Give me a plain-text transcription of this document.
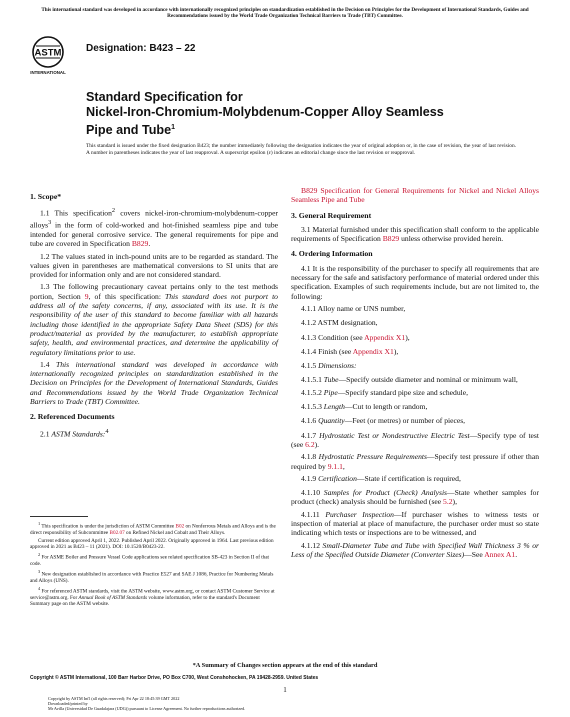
This international standard was developed in accordance with internationally recognized principles on standardization established in the Decision on Principles for the Development of International Standards, Guides and Recommendations issued by the World Trade Organization Technical Barriers to Trade (TBT) Committee.
ASTM
INTERNATIONAL
Designation: B423 – 22
Standard Specification for
Nickel-Iron-Chromium-Molybdenum-Copper Alloy Seamless
Pipe and Tube$^1$
This standard is issued under the fixed designation B423; the number immediately following the designation indicates the year of original adoption or, in the case of revision, the year of last revision. A number in parentheses indicates the year of last reapproval. A superscript epsilon (ε) indicates an editorial change since the last revision or reapproval.
1. Scope*

1.1 This specification$^2$ covers nickel-iron-chromium-molybdenum-copper alloys$^3$ in the form of cold-worked and hot-finished seamless pipe and tube intended for general corrosive service. The general requirements for pipe and tube are covered in Specification B829.

1.2 The values stated in inch-pound units are to be regarded as standard. The values given in parentheses are mathematical conversions to SI units that are provided for information only and are not considered standard.

1.3 The following precautionary caveat pertains only to the test methods portion, Section 9, of this specification: This standard does not purport to address all of the safety concerns, if any, associated with its use. It is the responsibility of the user of this standard to become familiar with all hazards including those identified in the appropriate Safety Data Sheet (SDS) for this product/material as provided by the manufacturer, to establish appropriate safety, health, and environmental practices, and determine the applicability of regulatory limitations prior to use.

1.4 This international standard was developed in accordance with internationally recognized principles on standardization established in the Decision on Principles for the Development of International Standards, Guides and Recommendations issued by the World Trade Organization Technical Barriers to Trade (TBT) Committee.

2. Referenced Documents

2.1 ASTM Standards:$^4$

B829 Specification for General Requirements for Nickel and Nickel Alloys Seamless Pipe and Tube

3. General Requirement

3.1 Material furnished under this specification shall conform to the applicable requirements of Specification B829 unless otherwise provided herein.

4. Ordering Information

4.1 It is the responsibility of the purchaser to specify all requirements that are necessary for the safe and satisfactory performance of material ordered under this specification. Examples of such requirements include, but are not limited to, the following:

4.1.1 Alloy name or UNS number,

4.1.2 ASTM designation,

4.1.3 Condition (see Appendix X1),

4.1.4 Finish (see Appendix X1),

4.1.5 Dimensions:

4.1.5.1 Tube—Specify outside diameter and nominal or minimum wall,

4.1.5.2 Pipe—Specify standard pipe size and schedule,

4.1.5.3 Length—Cut to length or random,

4.1.6 Quantity—Feet (or metres) or number of pieces,

4.1.7 Hydrostatic Test or Nondestructive Electric Test—Specify type of test (see 6.2).

4.1.8 Hydrostatic Pressure Requirements—Specify test pressure if other than required by 9.1.1,

4.1.9 Certification—State if certification is required,

4.1.10 Samples for Product (Check) Analysis—State whether samples for product (check) analysis should be furnished (see 5.2),

4.1.11 Purchaser Inspection—If purchaser wishes to witness tests or inspection of material at place of manufacture, the purchaser order must so state indicating which tests or inspections are to be witnessed, and

4.1.12 Small-Diameter Tube and Tube with Specified Wall Thickness 3 % or Less of the Specified Outside Diameter (Converter Sizes)—See Annex A1.

$^1$ This specification is under the jurisdiction of ASTM Committee B02 on Nonferrous Metals and Alloys and is the direct responsibility of Subcommittee B02.07 on Refined Nickel and Cobalt and Their Alloys.

Current edition approved April 1, 2022. Published April 2022. Originally approved in 1964. Last previous edition approved in 2021 as B423 – 11 (2021). DOI: 10.1520/B0423-22.

$^2$ For ASME Boiler and Pressure Vessel Code applications see related specification SB-423 in Section II of that code.

$^3$ New designation established in accordance with Practice E527 and SAE J 1086, Practice for Numbering Metals and Alloys (UNS).

$^4$ For referenced ASTM standards, visit the ASTM website, www.astm.org, or contact ASTM Customer Service at service@astm.org. For Annual Book of ASTM Standards volume information, refer to the standard's Document Summary page on the ASTM website.

*A Summary of Changes section appears at the end of this standard
Copyright © ASTM International, 100 Barr Harbor Drive, PO Box C700, West Conshohocken, PA 19428-2959. United States
1
Copyright by ASTM Int'l (all rights reserved); Fri Apr 22 18:45:39 GMT 2022
Downloaded/printed by
Mr Avilla (Universidad De Guadalajara (UDG)) pursuant to License Agreement. No further reproductions authorized.
